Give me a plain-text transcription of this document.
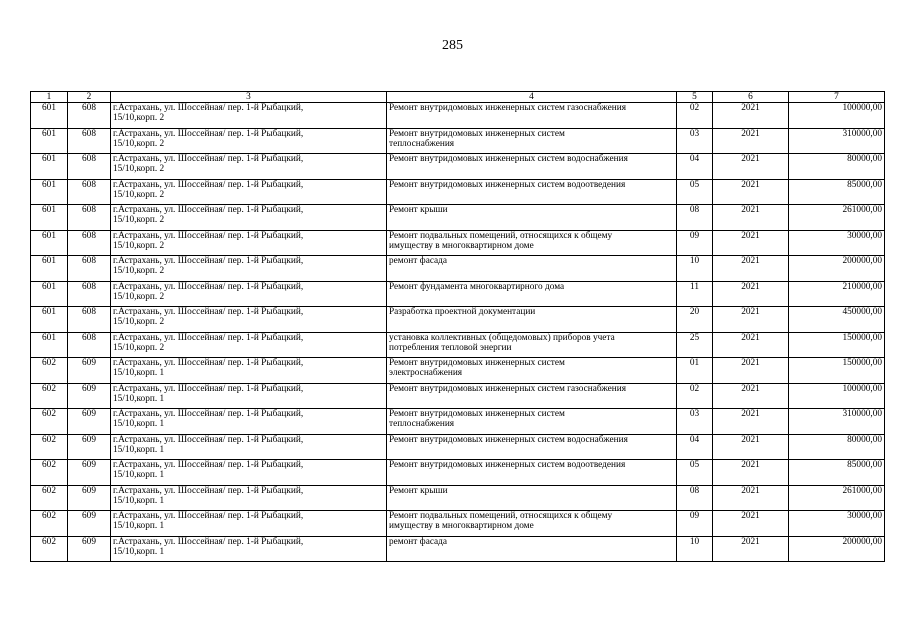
285
1	2	3	4	5	6	7

601	608	г.Астрахань, ул. Шоссейная/ пер. 1-й Рыбацкий,
15/10,корп. 2	Ремонт внутридомовых инженерных систем газоснабжения	02	2021	100000,00

601	608	г.Астрахань, ул. Шоссейная/ пер. 1-й Рыбацкий,
15/10,корп. 2	Ремонт внутридомовых инженерных систем
теплоснабжения	03	2021	310000,00

601	608	г.Астрахань, ул. Шоссейная/ пер. 1-й Рыбацкий,
15/10,корп. 2	Ремонт внутридомовых инженерных систем водоснабжения	04	2021	80000,00

601	608	г.Астрахань, ул. Шоссейная/ пер. 1-й Рыбацкий,
15/10,корп. 2	Ремонт внутридомовых инженерных систем водоотведения	05	2021	85000,00

601	608	г.Астрахань, ул. Шоссейная/ пер. 1-й Рыбацкий,
15/10,корп. 2	Ремонт крыши	08	2021	261000,00

601	608	г.Астрахань, ул. Шоссейная/ пер. 1-й Рыбацкий,
15/10,корп. 2	Ремонт подвальных помещений, относящихся к общему
имуществу в многоквартирном доме	09	2021	30000,00

601	608	г.Астрахань, ул. Шоссейная/ пер. 1-й Рыбацкий,
15/10,корп. 2	ремонт фасада	10	2021	200000,00

601	608	г.Астрахань, ул. Шоссейная/ пер. 1-й Рыбацкий,
15/10,корп. 2	Ремонт фундамента многоквартирного дома	11	2021	210000,00

601	608	г.Астрахань, ул. Шоссейная/ пер. 1-й Рыбацкий,
15/10,корп. 2	Разработка проектной документации	20	2021	450000,00

601	608	г.Астрахань, ул. Шоссейная/ пер. 1-й Рыбацкий,
15/10,корп. 2	установка коллективных (общедомовых) приборов учета
потребления тепловой энергии	25	2021	150000,00

602	609	г.Астрахань, ул. Шоссейная/ пер. 1-й Рыбацкий,
15/10,корп. 1	Ремонт внутридомовых инженерных систем
электроснабжения	01	2021	150000,00

602	609	г.Астрахань, ул. Шоссейная/ пер. 1-й Рыбацкий,
15/10,корп. 1	Ремонт внутридомовых инженерных систем газоснабжения	02	2021	100000,00

602	609	г.Астрахань, ул. Шоссейная/ пер. 1-й Рыбацкий,
15/10,корп. 1	Ремонт внутридомовых инженерных систем
теплоснабжения	03	2021	310000,00

602	609	г.Астрахань, ул. Шоссейная/ пер. 1-й Рыбацкий,
15/10,корп. 1	Ремонт внутридомовых инженерных систем водоснабжения	04	2021	80000,00

602	609	г.Астрахань, ул. Шоссейная/ пер. 1-й Рыбацкий,
15/10,корп. 1	Ремонт внутридомовых инженерных систем водоотведения	05	2021	85000,00

602	609	г.Астрахань, ул. Шоссейная/ пер. 1-й Рыбацкий,
15/10,корп. 1	Ремонт крыши	08	2021	261000,00

602	609	г.Астрахань, ул. Шоссейная/ пер. 1-й Рыбацкий,
15/10,корп. 1	Ремонт подвальных помещений, относящихся к общему
имуществу в многоквартирном доме	09	2021	30000,00

602	609	г.Астрахань, ул. Шоссейная/ пер. 1-й Рыбацкий,
15/10,корп. 1	ремонт фасада	10	2021	200000,00
